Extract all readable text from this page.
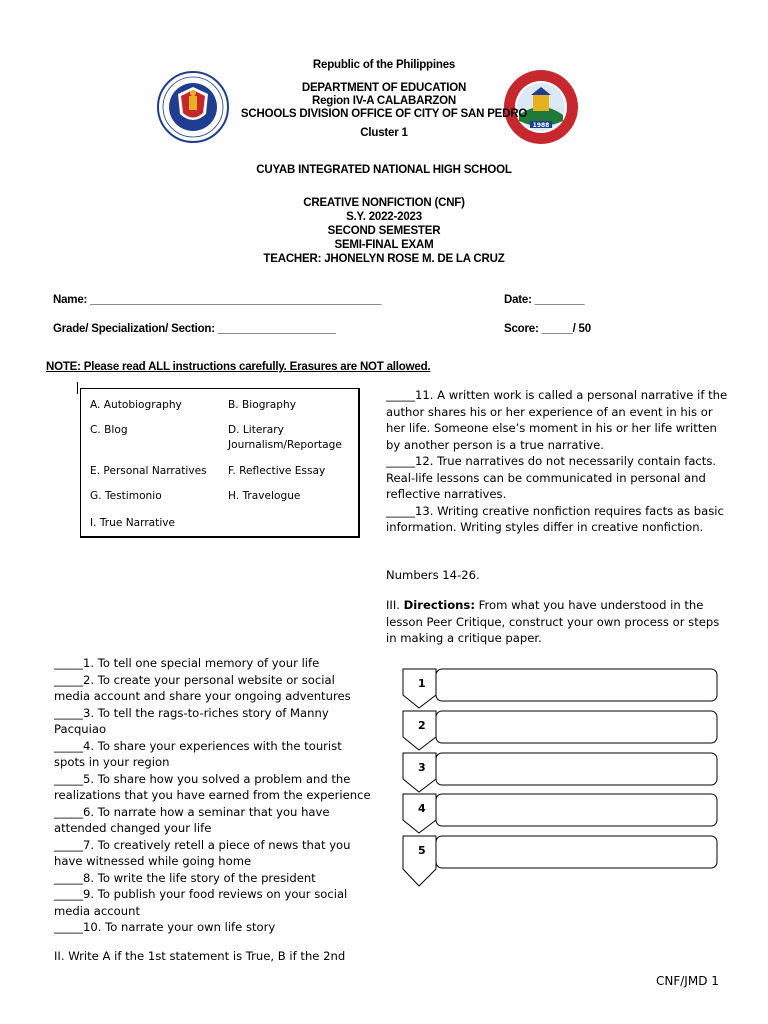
1988
Republic of the Philippines
DEPARTMENT OF EDUCATION
Region IV-A CALABARZON
SCHOOLS DIVISION OFFICE OF CITY OF SAN PEDRO
Cluster 1
CUYAB INTEGRATED NATIONAL HIGH SCHOOL
CREATIVE NONFICTION (CNF)
S.Y. 2022-2023
SECOND SEMESTER
SEMI-FINAL EXAM
TEACHER: JHONELYN ROSE M. DE LA CRUZ
Name: _______________________________________________	Date: ________
Grade/ Specialization/ Section: ___________________	Score: _____/ 50
NOTE: Please read ALL instructions carefully. Erasures are NOT allowed.
A. Autobiography	B. Biography
C. Blog	D. Literary
Journalism/Reportage
E. Personal Narratives F. Reflective Essay
G. Testimonio	H. Travelogue
I. True Narrative

_____1. To tell one special memory of your life

_____2. To create your personal website or social media account and share your ongoing adventures

_____3. To tell the rags-to-riches story of Manny Pacquiao

_____4. To share your experiences with the tourist spots in your region

_____5. To share how you solved a problem and the realizations that you have earned from the experience

_____6. To narrate how a seminar that you have attended changed your life

_____7. To creatively retell a piece of news that you have witnessed while going home

_____8. To write the life story of the president

_____9. To publish your food reviews on your social media account

_____10. To narrate your own life story

II. Write A if the 1st statement is True, B if the 2nd

_____11. A written work is called a personal narrative if the author shares his or her experience of an event in his or her life. Someone else’s moment in his or her life written by another person is a true narrative.

_____12. True narratives do not necessarily contain facts. Real-life lessons can be communicated in personal and reflective narratives.

_____13. Writing creative nonfiction requires facts as basic information. Writing styles differ in creative nonfiction.

Numbers 14-26.
III. Directions: From what you have understood in the lesson Peer Critique, construct your own process or steps in making a critique paper.
1
2
3
4
5
CNF/JMD 1
